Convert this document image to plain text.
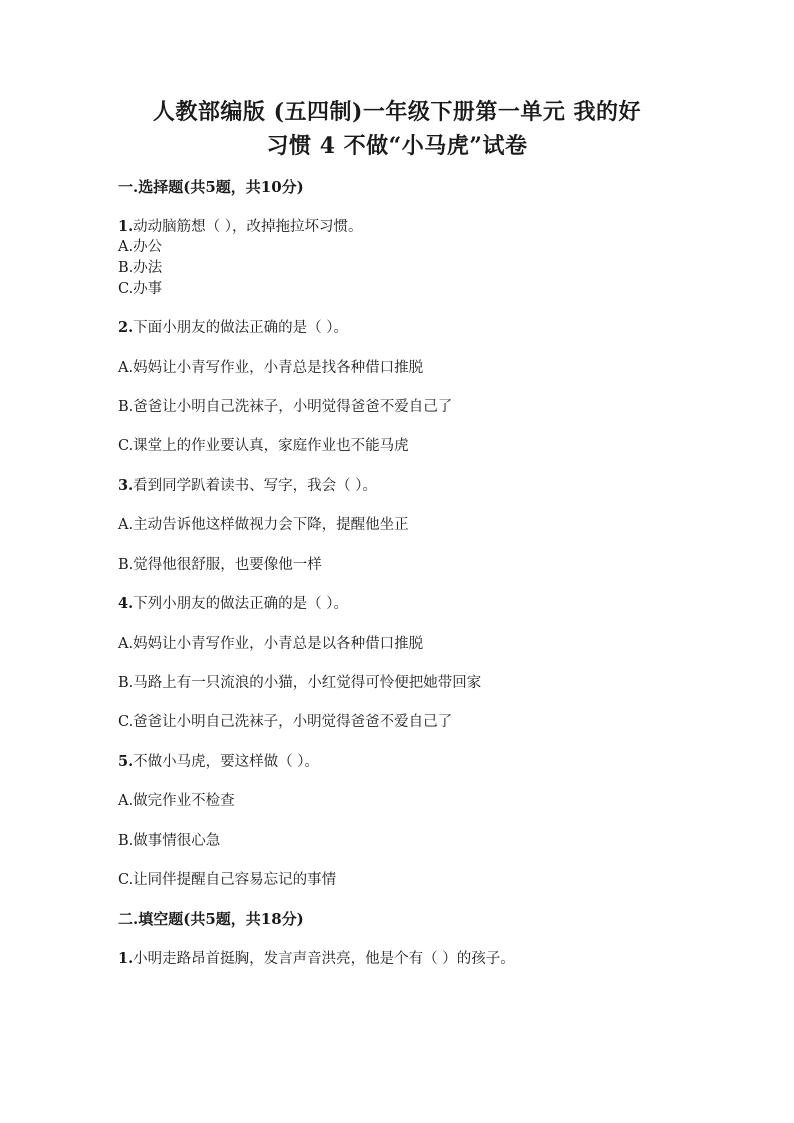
人教部编版 (五四制)一年级下册第一单元 我的好
习惯 4 不做“小马虎”试卷
一.选择题(共5题，共10分)
1.动动脑筋想（ ），改掉拖拉坏习惯。
A.办公
B.办法
C.办事
2.下面小朋友的做法正确的是（ ）。
A.妈妈让小青写作业，小青总是找各种借口推脱
B.爸爸让小明自己洗袜子，小明觉得爸爸不爱自己了
C.课堂上的作业要认真，家庭作业也不能马虎
3.看到同学趴着读书、写字，我会（ ）。
A.主动告诉他这样做视力会下降，提醒他坐正
B.觉得他很舒服，也要像他一样
4.下列小朋友的做法正确的是（ ）。
A.妈妈让小青写作业，小青总是以各种借口推脱
B.马路上有一只流浪的小猫，小红觉得可怜便把她带回家
C.爸爸让小明自己洗袜子，小明觉得爸爸不爱自己了
5.不做小马虎，要这样做（ ）。
A.做完作业不检查
B.做事情很心急
C.让同伴提醒自己容易忘记的事情
二.填空题(共5题，共18分)
1.小明走路昂首挺胸，发言声音洪亮，他是个有（ ）的孩子。
